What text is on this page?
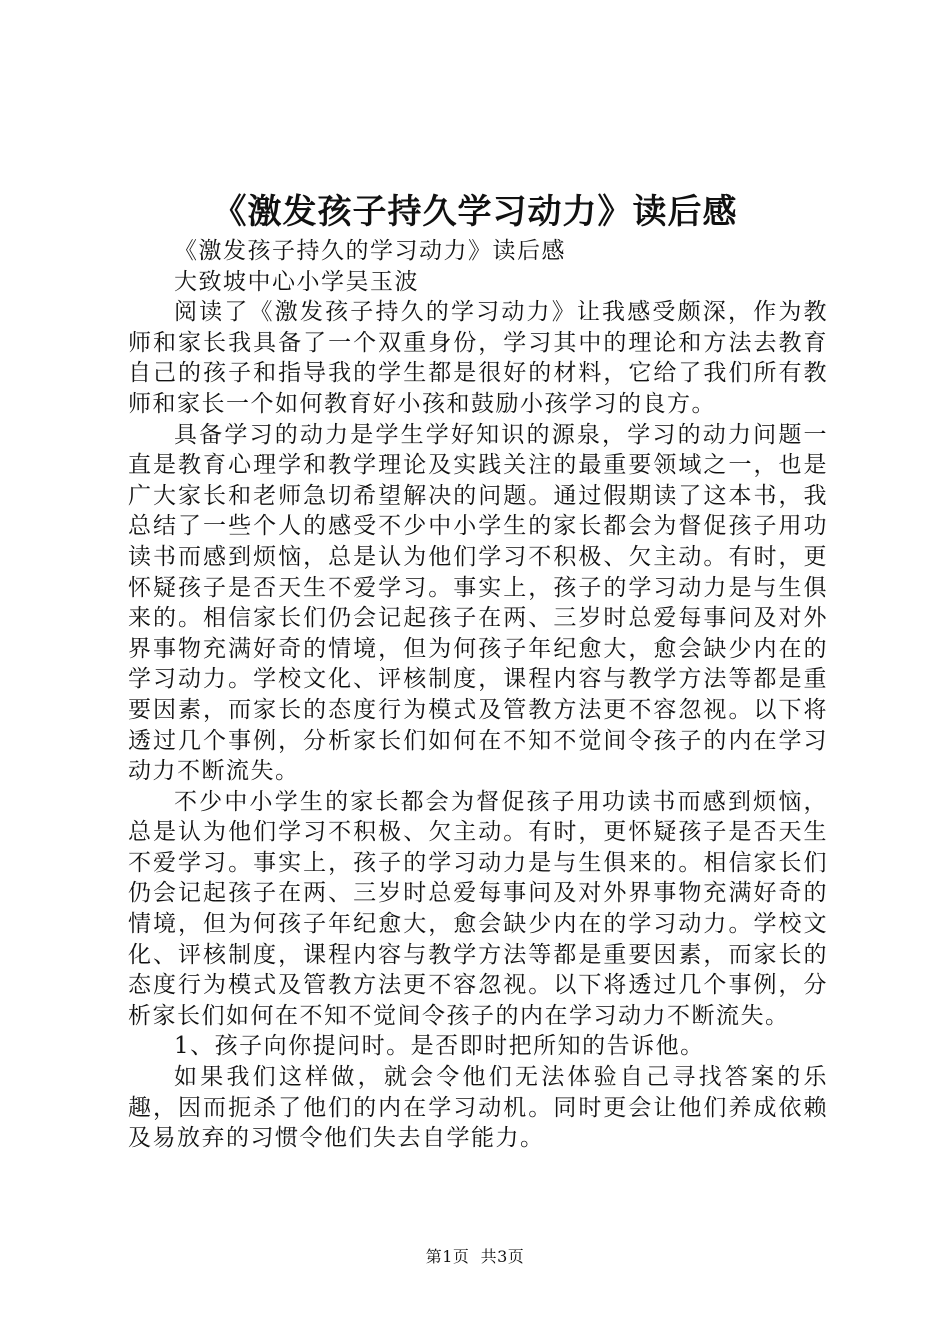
《激发孩子持久学习动力》读后感

《激发孩子持久的学习动力》读后感

大致坡中心小学吴玉波

阅读了《激发孩子持久的学习动力》让我感受颇深，作为教师和家长我具备了一个双重身份，学习其中的理论和方法去教育自己的孩子和指导我的学生都是很好的材料，它给了我们所有教师和家长一个如何教育好小孩和鼓励小孩学习的良方。

具备学习的动力是学生学好知识的源泉，学习的动力问题一直是教育心理学和教学理论及实践关注的最重要领域之一，也是广大家长和老师急切希望解决的问题。通过假期读了这本书，我总结了一些个人的感受不少中小学生的家长都会为督促孩子用功读书而感到烦恼，总是认为他们学习不积极、欠主动。有时，更怀疑孩子是否天生不爱学习。事实上，孩子的学习动力是与生俱来的。相信家长们仍会记起孩子在两、三岁时总爱每事问及对外界事物充满好奇的情境，但为何孩子年纪愈大，愈会缺少内在的学习动力。学校文化、评核制度，课程内容与教学方法等都是重要因素，而家长的态度行为模式及管教方法更不容忽视。以下将透过几个事例，分析家长们如何在不知不觉间令孩子的内在学习动力不断流失。

不少中小学生的家长都会为督促孩子用功读书而感到烦恼，总是认为他们学习不积极、欠主动。有时，更怀疑孩子是否天生不爱学习。事实上，孩子的学习动力是与生俱来的。相信家长们仍会记起孩子在两、三岁时总爱每事问及对外界事物充满好奇的情境，但为何孩子年纪愈大，愈会缺少内在的学习动力。学校文化、评核制度，课程内容与教学方法等都是重要因素，而家长的态度行为模式及管教方法更不容忽视。以下将透过几个事例，分析家长们如何在不知不觉间令孩子的内在学习动力不断流失。

1、孩子向你提问时。是否即时把所知的告诉他。

如果我们这样做，就会令他们无法体验自己寻找答案的乐趣，因而扼杀了他们的内在学习动机。同时更会让他们养成依赖及易放弃的习惯令他们失去自学能力。

第1页 共3页
